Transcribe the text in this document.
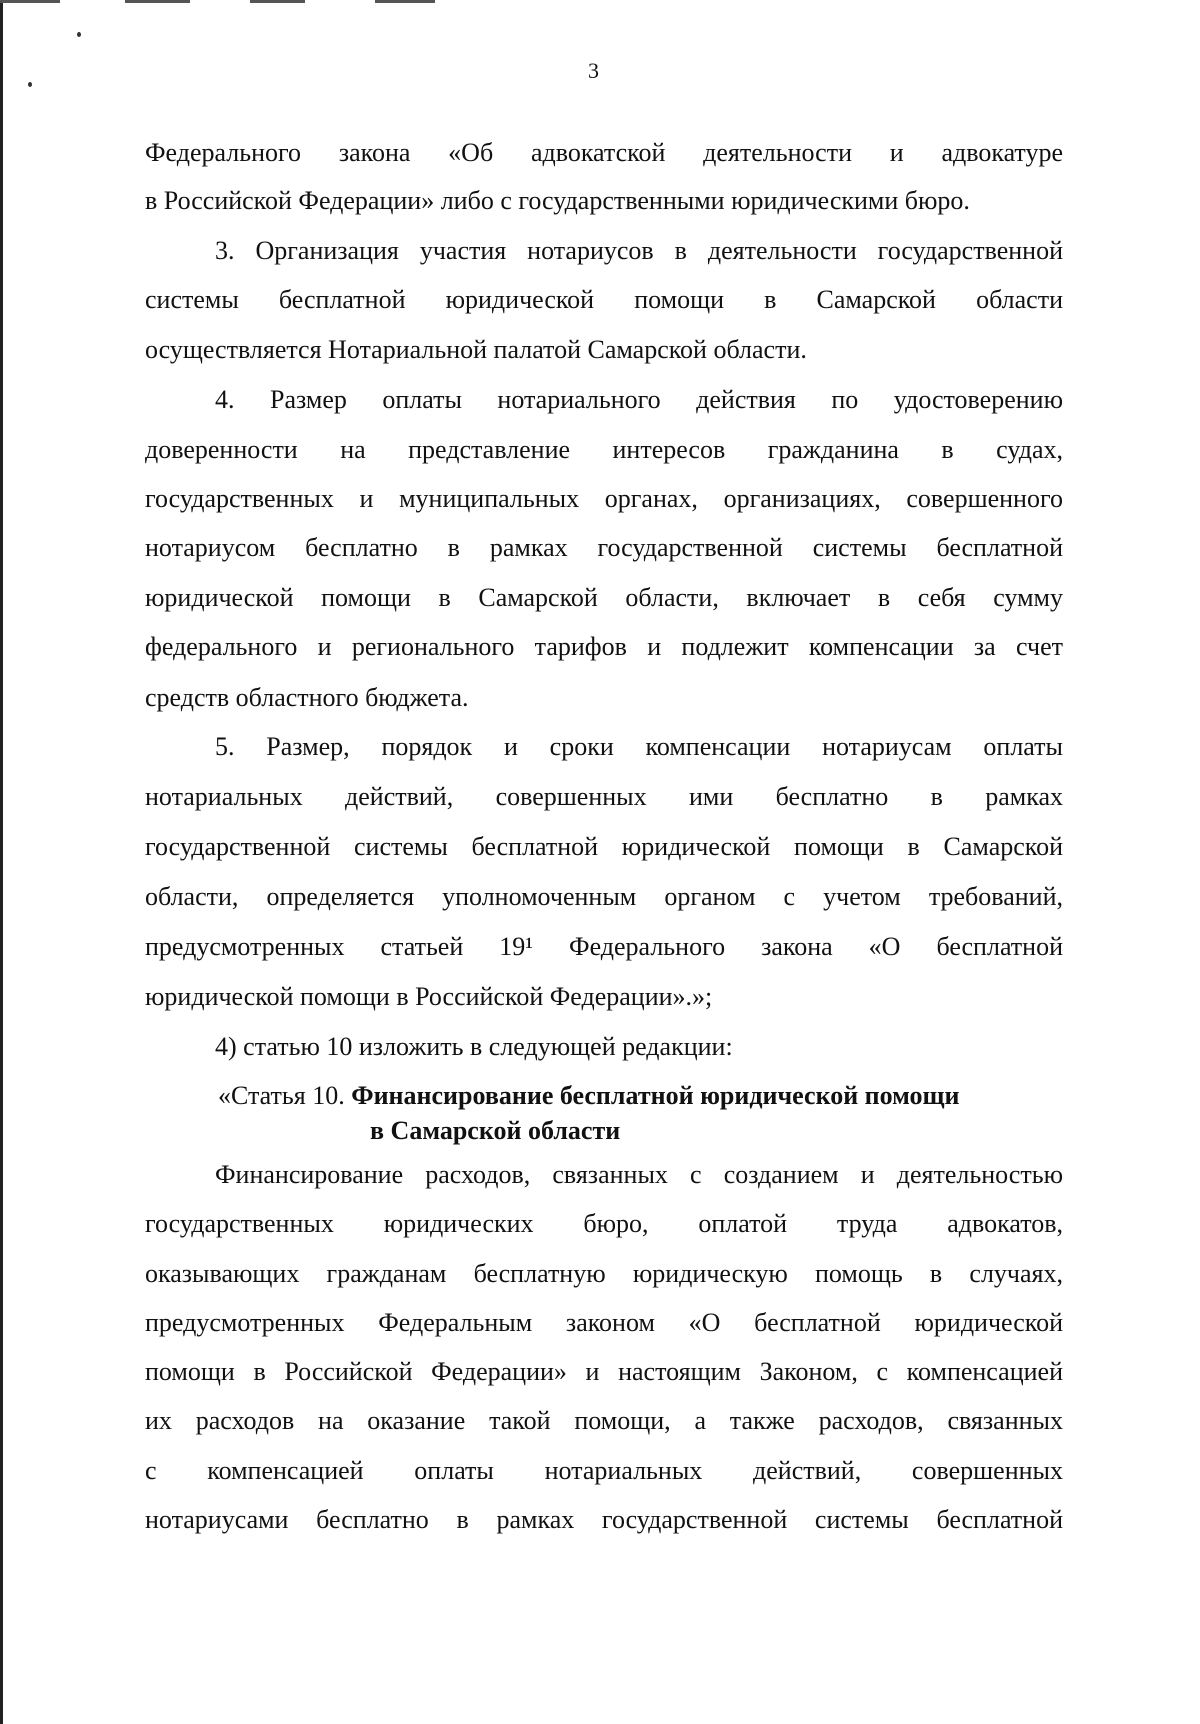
3
Федерального закона «Об адвокатской деятельности и адвокатуре
в Российской Федерации» либо с государственными юридическими бюро.
3. Организация участия нотариусов в деятельности государственной
системы бесплатной юридической помощи в Самарской области
осуществляется Нотариальной палатой Самарской области.
4. Размер оплаты нотариального действия по удостоверению
доверенности на представление интересов гражданина в судах,
государственных и муниципальных органах, организациях, совершенного
нотариусом бесплатно в рамках государственной системы бесплатной
юридической помощи в Самарской области, включает в себя сумму
федерального и регионального тарифов и подлежит компенсации за счет
средств областного бюджета.
5. Размер, порядок и сроки компенсации нотариусам оплаты
нотариальных действий, совершенных ими бесплатно в рамках
государственной системы бесплатной юридической помощи в Самарской
области, определяется уполномоченным органом с учетом требований,
предусмотренных статьей 19¹ Федерального закона «О бесплатной
юридической помощи в Российской Федерации».»;
4) статью 10 изложить в следующей редакции:
Финансирование расходов, связанных с созданием и деятельностью
государственных юридических бюро, оплатой труда адвокатов,
оказывающих гражданам бесплатную юридическую помощь в случаях,
предусмотренных Федеральным законом «О бесплатной юридической
помощи в Российской Федерации» и настоящим Законом, с компенсацией
их расходов на оказание такой помощи, а также расходов, связанных
с компенсацией оплаты нотариальных действий, совершенных
нотариусами бесплатно в рамках государственной системы бесплатной
«Статья 10. Финансирование бесплатной юридической помощи
в Самарской области
